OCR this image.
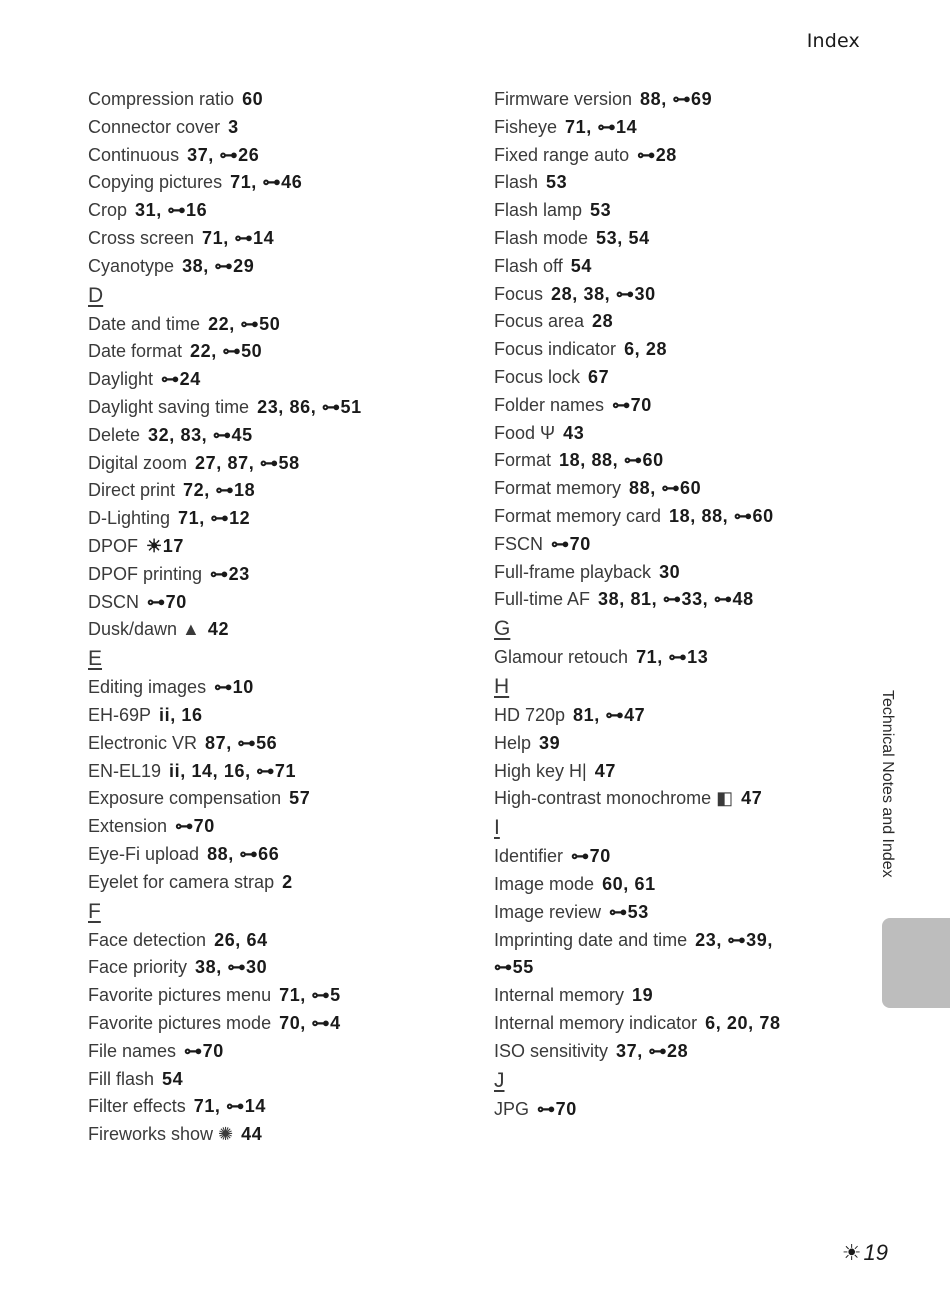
Index
Compression ratio 60
Connector cover 3
Continuous 37, ⊶26
Copying pictures 71, ⊶46
Crop 31, ⊶16
Cross screen 71, ⊶14
Cyanotype 38, ⊶29
D
Date and time 22, ⊶50
Date format 22, ⊶50
Daylight ⊶24
Daylight saving time 23, 86, ⊶51
Delete 32, 83, ⊶45
Digital zoom 27, 87, ⊶58
Direct print 72, ⊶18
D-Lighting 71, ⊶12
DPOF ☀17
DPOF printing ⊶23
DSCN ⊶70
Dusk/dawn ▲ 42
E
Editing images ⊶10
EH-69P ii, 16
Electronic VR 87, ⊶56
EN-EL19 ii, 14, 16, ⊶71
Exposure compensation 57
Extension ⊶70
Eye-Fi upload 88, ⊶66
Eyelet for camera strap 2
F
Face detection 26, 64
Face priority 38, ⊶30
Favorite pictures menu 71, ⊶5
Favorite pictures mode 70, ⊶4
File names ⊶70
Fill flash 54
Filter effects 71, ⊶14
Fireworks show ✺ 44
Firmware version 88, ⊶69
Fisheye 71, ⊶14
Fixed range auto ⊶28
Flash 53
Flash lamp 53
Flash mode 53, 54
Flash off 54
Focus 28, 38, ⊶30
Focus area 28
Focus indicator 6, 28
Focus lock 67
Folder names ⊶70
Food Ψ 43
Format 18, 88, ⊶60
Format memory 88, ⊶60
Format memory card 18, 88, ⊶60
FSCN ⊶70
Full-frame playback 30
Full-time AF 38, 81, ⊶33, ⊶48
G
Glamour retouch 71, ⊶13
H
HD 720p 81, ⊶47
Help 39
High key H| 47
High-contrast monochrome ◧ 47
I
Identifier ⊶70
Image mode 60, 61
Image review ⊶53
Imprinting date and time 23, ⊶39,
⊶55
Internal memory 19
Internal memory indicator 6, 20, 78
ISO sensitivity 37, ⊶28
J
JPG ⊶70
Technical Notes and Index
☀19
